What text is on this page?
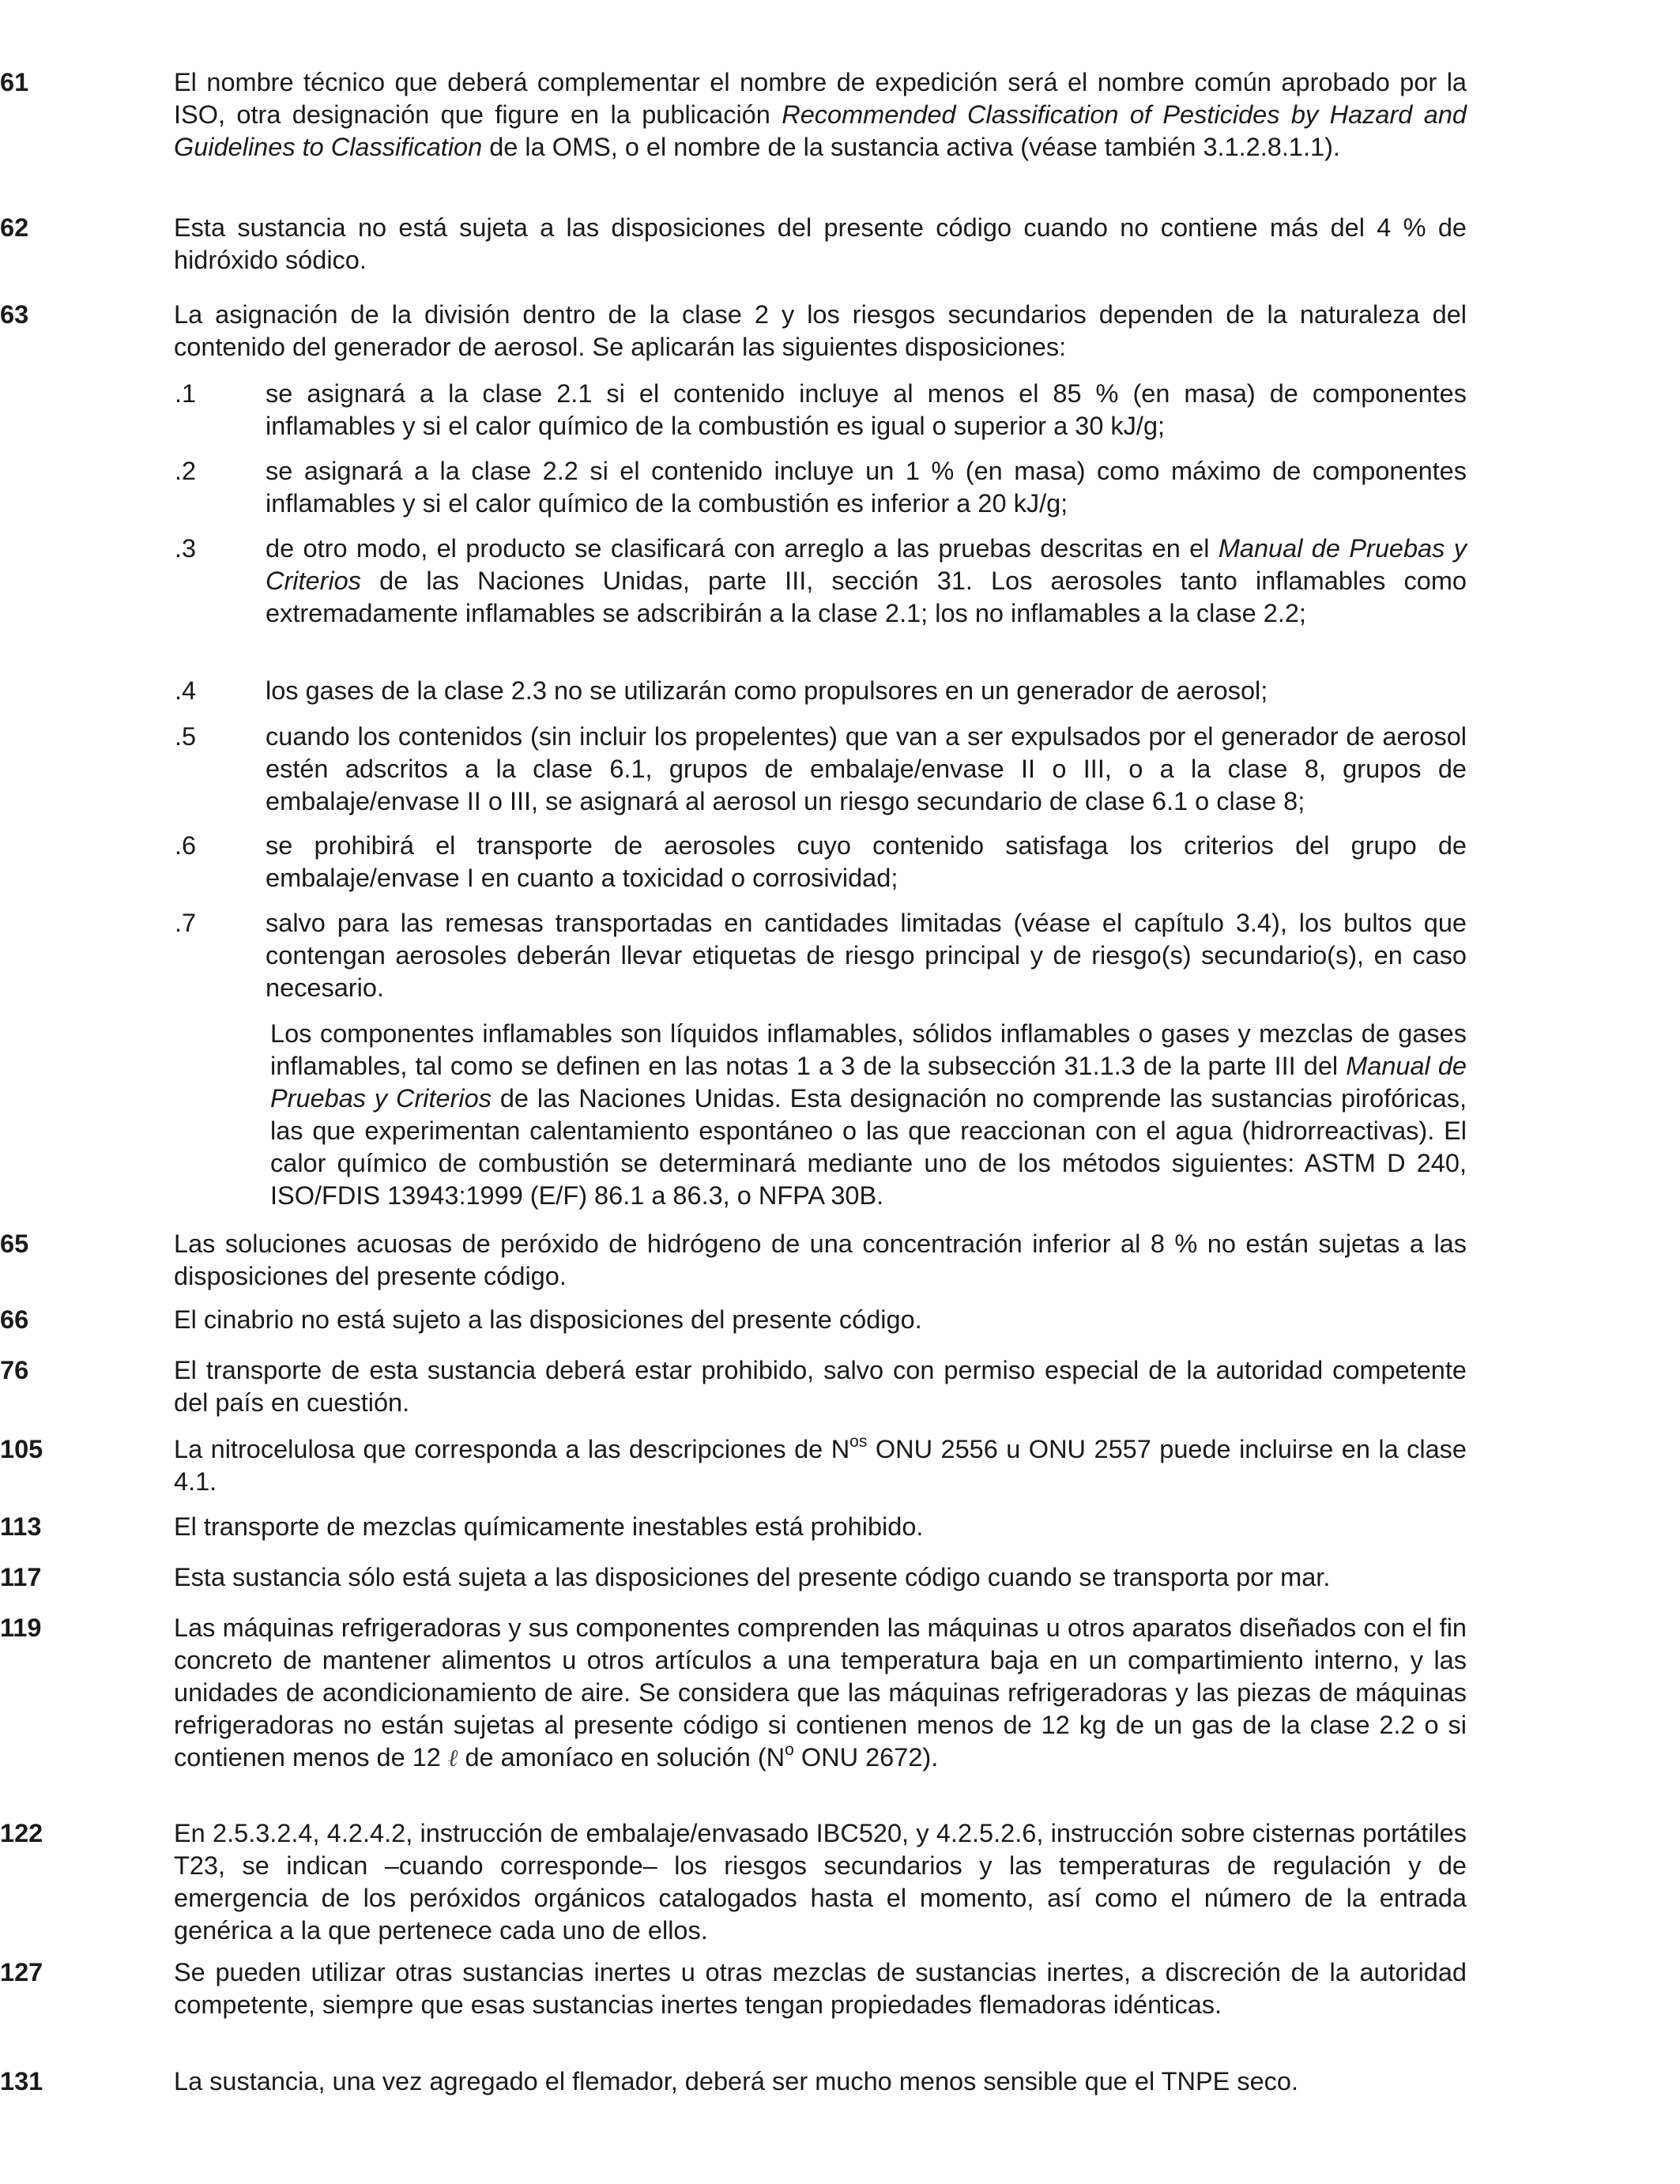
61	El nombre técnico que deberá complementar el nombre de expedición será el nombre común aprobado por la ISO, otra designación que figure en la publicación Recommended Classification of Pesticides by Hazard and Guidelines to Classification de la OMS, o el nombre de la sustancia activa (véase también 3.1.2.8.1.1).
62	Esta sustancia no está sujeta a las disposiciones del presente código cuando no contiene más del 4 % de hidróxido sódico.
63	La asignación de la división dentro de la clase 2 y los riesgos secundarios dependen de la naturaleza del contenido del generador de aerosol. Se aplicarán las siguientes disposiciones:
.1	se asignará a la clase 2.1 si el contenido incluye al menos el 85 % (en masa) de componentes inflamables y si el calor químico de la combustión es igual o superior a 30 kJ/g;
.2	se asignará a la clase 2.2 si el contenido incluye un 1 % (en masa) como máximo de componentes inflamables y si el calor químico de la combustión es inferior a 20 kJ/g;
.3	de otro modo, el producto se clasificará con arreglo a las pruebas descritas en el Manual de Pruebas y Criterios de las Naciones Unidas, parte III, sección 31. Los aerosoles tanto inflamables como extremadamente inflamables se adscribirán a la clase 2.1; los no inflamables a la clase 2.2;
.4	los gases de la clase 2.3 no se utilizarán como propulsores en un generador de aerosol;
.5	cuando los contenidos (sin incluir los propelentes) que van a ser expulsados por el generador de aerosol estén adscritos a la clase 6.1, grupos de embalaje/envase II o III, o a la clase 8, grupos de embalaje/envase II o III, se asignará al aerosol un riesgo secundario de clase 6.1 o clase 8;
.6	se prohibirá el transporte de aerosoles cuyo contenido satisfaga los criterios del grupo de embalaje/envase I en cuanto a toxicidad o corrosividad;
.7	salvo para las remesas transportadas en cantidades limitadas (véase el capítulo 3.4), los bultos que contengan aerosoles deberán llevar etiquetas de riesgo principal y de riesgo(s) secundario(s), en caso necesario.
Los componentes inflamables son líquidos inflamables, sólidos inflamables o gases y mezclas de gases inflamables, tal como se definen en las notas 1 a 3 de la subsección 31.1.3 de la parte III del Manual de Pruebas y Criterios de las Naciones Unidas. Esta designación no comprende las sustancias pirofóricas, las que experimentan calentamiento espontáneo o las que reaccionan con el agua (hidrorreactivas). El calor químico de combustión se determinará mediante uno de los métodos siguientes: ASTM D 240, ISO/FDIS 13943:1999 (E/F) 86.1 a 86.3, o NFPA 30B.
65	Las soluciones acuosas de peróxido de hidrógeno de una concentración inferior al 8 % no están sujetas a las disposiciones del presente código.
66	El cinabrio no está sujeto a las disposiciones del presente código.
76	El transporte de esta sustancia deberá estar prohibido, salvo con permiso especial de la autoridad competente del país en cuestión.
105	La nitrocelulosa que corresponda a las descripciones de $N^{os}$ ONU 2556 u ONU 2557 puede incluirse en la clase 4.1.
113	El transporte de mezclas químicamente inestables está prohibido.
117	Esta sustancia sólo está sujeta a las disposiciones del presente código cuando se transporta por mar.
119	Las máquinas refrigeradoras y sus componentes comprenden las máquinas u otros aparatos diseñados con el fin concreto de mantener alimentos u otros artículos a una temperatura baja en un compartimiento interno, y las unidades de acondicionamiento de aire. Se considera que las máquinas refrigeradoras y las piezas de máquinas refrigeradoras no están sujetas al presente código si contienen menos de 12 kg de un gas de la clase 2.2 o si contienen menos de 12 ℓ de amoníaco en solución ($N^o$ ONU 2672).
122	En 2.5.3.2.4, 4.2.4.2, instrucción de embalaje/envasado IBC520, y 4.2.5.2.6, instrucción sobre cisternas portátiles T23, se indican –cuando corresponde– los riesgos secundarios y las temperaturas de regulación y de emergencia de los peróxidos orgánicos catalogados hasta el momento, así como el número de la entrada genérica a la que pertenece cada uno de ellos.
127	Se pueden utilizar otras sustancias inertes u otras mezclas de sustancias inertes, a discreción de la autoridad competente, siempre que esas sustancias inertes tengan propiedades flemadoras idénticas.
131	La sustancia, una vez agregado el flemador, deberá ser mucho menos sensible que el TNPE seco.
